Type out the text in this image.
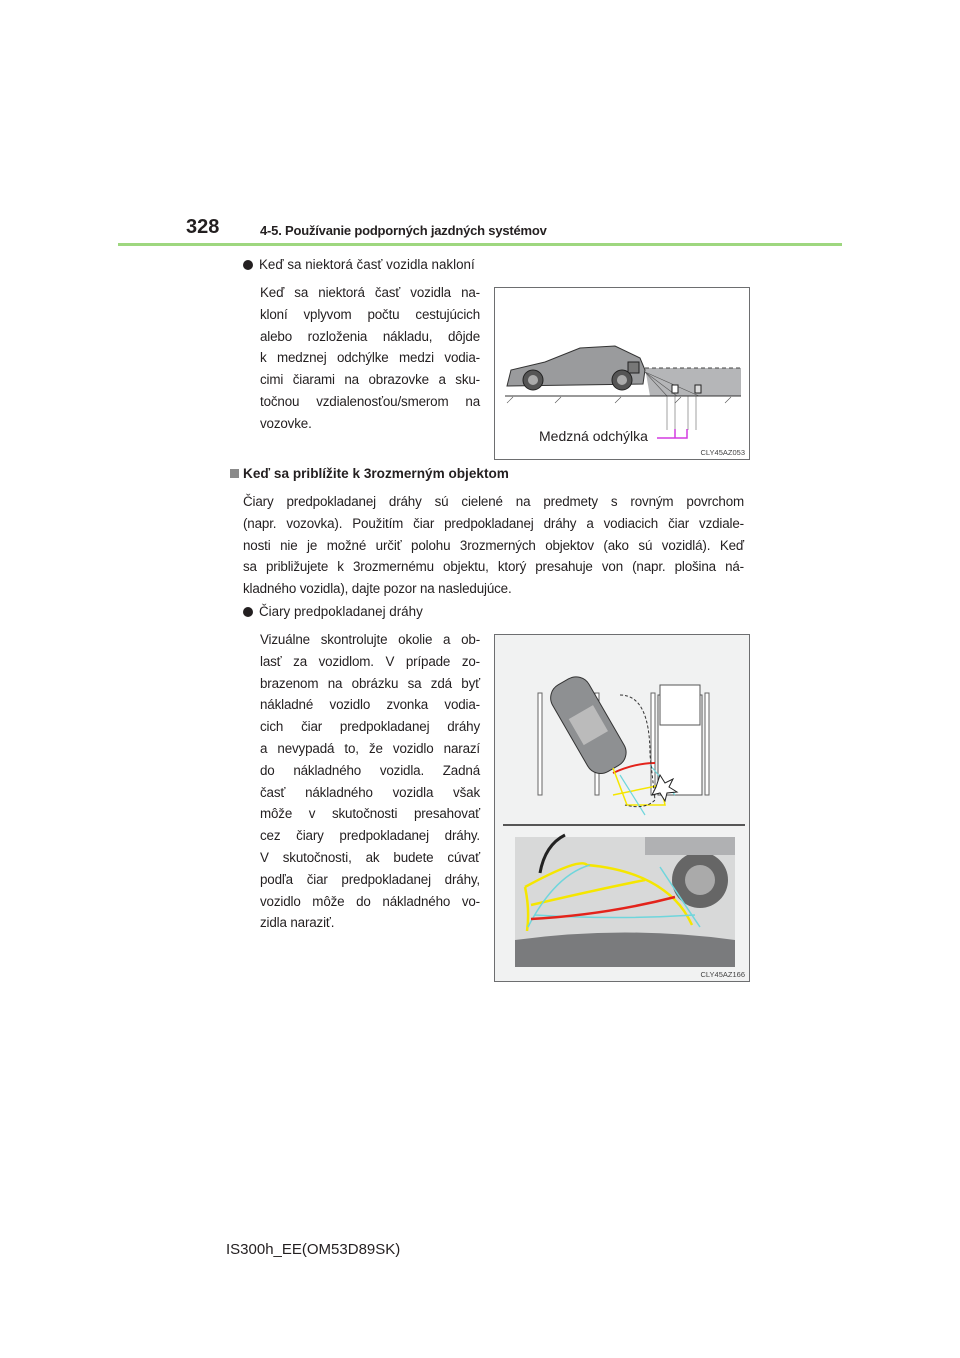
328	4-5. Používanie podporných jazdných systémov
Keď sa niektorá časť vozidla nakloní
Keď sa niektorá časť vozidla na-
kloní vplyvom počtu cestujúcich
alebo rozloženia nákladu, dôjde
k medznej odchýlke medzi vodia-
cimi čiarami na obrazovke a sku-
točnou vzdialenosťou/smerom na
vozovke.
Medzná odchýlka
CLY45AZ053
Keď sa priblížite k 3rozmerným objektom
Čiary predpokladanej dráhy sú cielené na predmety s rovným povrchom
(napr. vozovka). Použitím čiar predpokladanej dráhy a vodiacich čiar vzdiale-
nosti nie je možné určiť polohu 3rozmerných objektov (ako sú vozidlá). Keď
sa približujete k 3rozmernému objektu, ktorý presahuje von (napr. plošina ná-
kladného vozidla), dajte pozor na nasledujúce.
Čiary predpokladanej dráhy
Vizuálne skontrolujte okolie a ob-
lasť za vozidlom. V prípade zo-
brazenom na obrázku sa zdá byť
nákladné vozidlo zvonka vodia-
cich čiar predpokladanej dráhy
a nevypadá to, že vozidlo narazí
do nákladného vozidla. Zadná
časť nákladného vozidla však
môže v skutočnosti presahovať
cez čiary predpokladanej dráhy.
V skutočnosti, ak budete cúvať
podľa čiar predpokladanej dráhy,
vozidlo môže do nákladného vo-
zidla naraziť.
CLY45AZ166
IS300h_EE(OM53D89SK)
